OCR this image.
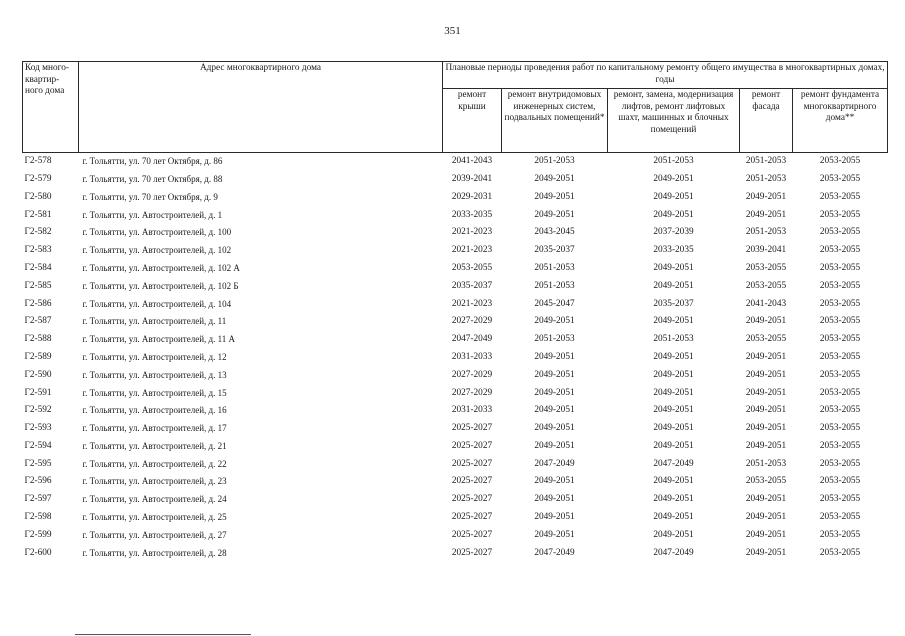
351
Код много-квартир-ного дома	Адрес многоквартирного дома	Плановые периоды проведения работ по капитальному ремонту общего имущества в многоквартирных домах, годы				
		ремонт крыши	ремонт внутридомовых инженерных систем, подвальных помещений*	ремонт, замена, модернизация лифтов, ремонт лифтовых шахт, машинных и блочных помещений	ремонт фасада	ремонт фундамента многоквартирного дома**
Г2-578	г. Тольятти, ул. 70 лет Октября, д. 86	2041-2043	2051-2053	2051-2053	2051-2053	2053-2055
Г2-579	г. Тольятти, ул. 70 лет Октября, д. 88	2039-2041	2049-2051	2049-2051	2051-2053	2053-2055
Г2-580	г. Тольятти, ул. 70 лет Октября, д. 9	2029-2031	2049-2051	2049-2051	2049-2051	2053-2055
Г2-581	г. Тольятти, ул. Автостроителей, д. 1	2033-2035	2049-2051	2049-2051	2049-2051	2053-2055
Г2-582	г. Тольятти, ул. Автостроителей, д. 100	2021-2023	2043-2045	2037-2039	2051-2053	2053-2055
Г2-583	г. Тольятти, ул. Автостроителей, д. 102	2021-2023	2035-2037	2033-2035	2039-2041	2053-2055
Г2-584	г. Тольятти, ул. Автостроителей, д. 102 А	2053-2055	2051-2053	2049-2051	2053-2055	2053-2055
Г2-585	г. Тольятти, ул. Автостроителей, д. 102 Б	2035-2037	2051-2053	2049-2051	2053-2055	2053-2055
Г2-586	г. Тольятти, ул. Автостроителей, д. 104	2021-2023	2045-2047	2035-2037	2041-2043	2053-2055
Г2-587	г. Тольятти, ул. Автостроителей, д. 11	2027-2029	2049-2051	2049-2051	2049-2051	2053-2055
Г2-588	г. Тольятти, ул. Автостроителей, д. 11 А	2047-2049	2051-2053	2051-2053	2053-2055	2053-2055
Г2-589	г. Тольятти, ул. Автостроителей, д. 12	2031-2033	2049-2051	2049-2051	2049-2051	2053-2055
Г2-590	г. Тольятти, ул. Автостроителей, д. 13	2027-2029	2049-2051	2049-2051	2049-2051	2053-2055
Г2-591	г. Тольятти, ул. Автостроителей, д. 15	2027-2029	2049-2051	2049-2051	2049-2051	2053-2055
Г2-592	г. Тольятти, ул. Автостроителей, д. 16	2031-2033	2049-2051	2049-2051	2049-2051	2053-2055
Г2-593	г. Тольятти, ул. Автостроителей, д. 17	2025-2027	2049-2051	2049-2051	2049-2051	2053-2055
Г2-594	г. Тольятти, ул. Автостроителей, д. 21	2025-2027	2049-2051	2049-2051	2049-2051	2053-2055
Г2-595	г. Тольятти, ул. Автостроителей, д. 22	2025-2027	2047-2049	2047-2049	2051-2053	2053-2055
Г2-596	г. Тольятти, ул. Автостроителей, д. 23	2025-2027	2049-2051	2049-2051	2053-2055	2053-2055
Г2-597	г. Тольятти, ул. Автостроителей, д. 24	2025-2027	2049-2051	2049-2051	2049-2051	2053-2055
Г2-598	г. Тольятти, ул. Автостроителей, д. 25	2025-2027	2049-2051	2049-2051	2049-2051	2053-2055
Г2-599	г. Тольятти, ул. Автостроителей, д. 27	2025-2027	2049-2051	2049-2051	2049-2051	2053-2055
Г2-600	г. Тольятти, ул. Автостроителей, д. 28	2025-2027	2047-2049	2047-2049	2049-2051	2053-2055
